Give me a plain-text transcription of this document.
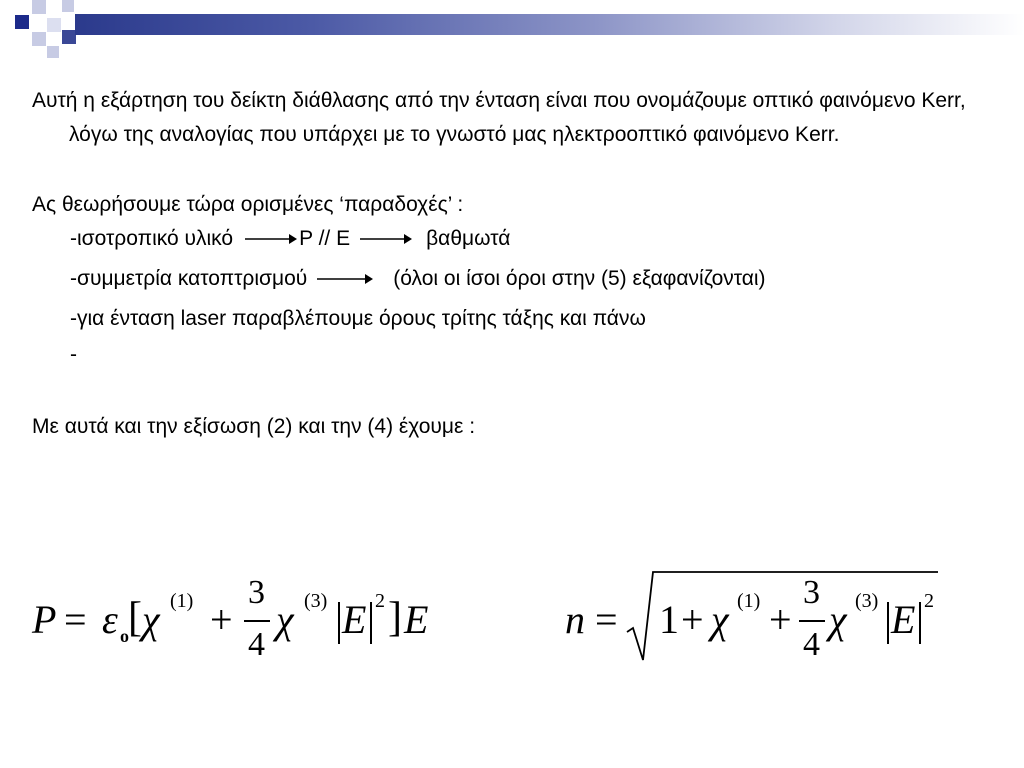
Αυτή η εξάρτηση του δείκτη διάθλασης από την ένταση είναι που ονομάζουμε οπτικό φαινόμενο Kerr, λόγω της αναλογίας που υπάρχει με το γνωστό μας ηλεκτροοπτικό φαινόμενο Kerr.

Ας θεωρήσουμε τώρα ορισμένες ‘παραδοχές’ :

-ισοτροπικό υλικό	P // E	βαθμωτά
-συμμετρία κατοπτρισμού	(όλοι οι ίσοι όροι στην (5) εξαφανίζονται)
-για ένταση laser παραβλέπουμε όρους τρίτης τάξης και πάνω
-

Με αυτά και την εξίσωση (2) και την (4) έχουμε :

P = ε o [ χ (1) +
3
4
χ (3) E 2 ] E	n = 1 + χ (1) +
3
4
χ (3) E 2
